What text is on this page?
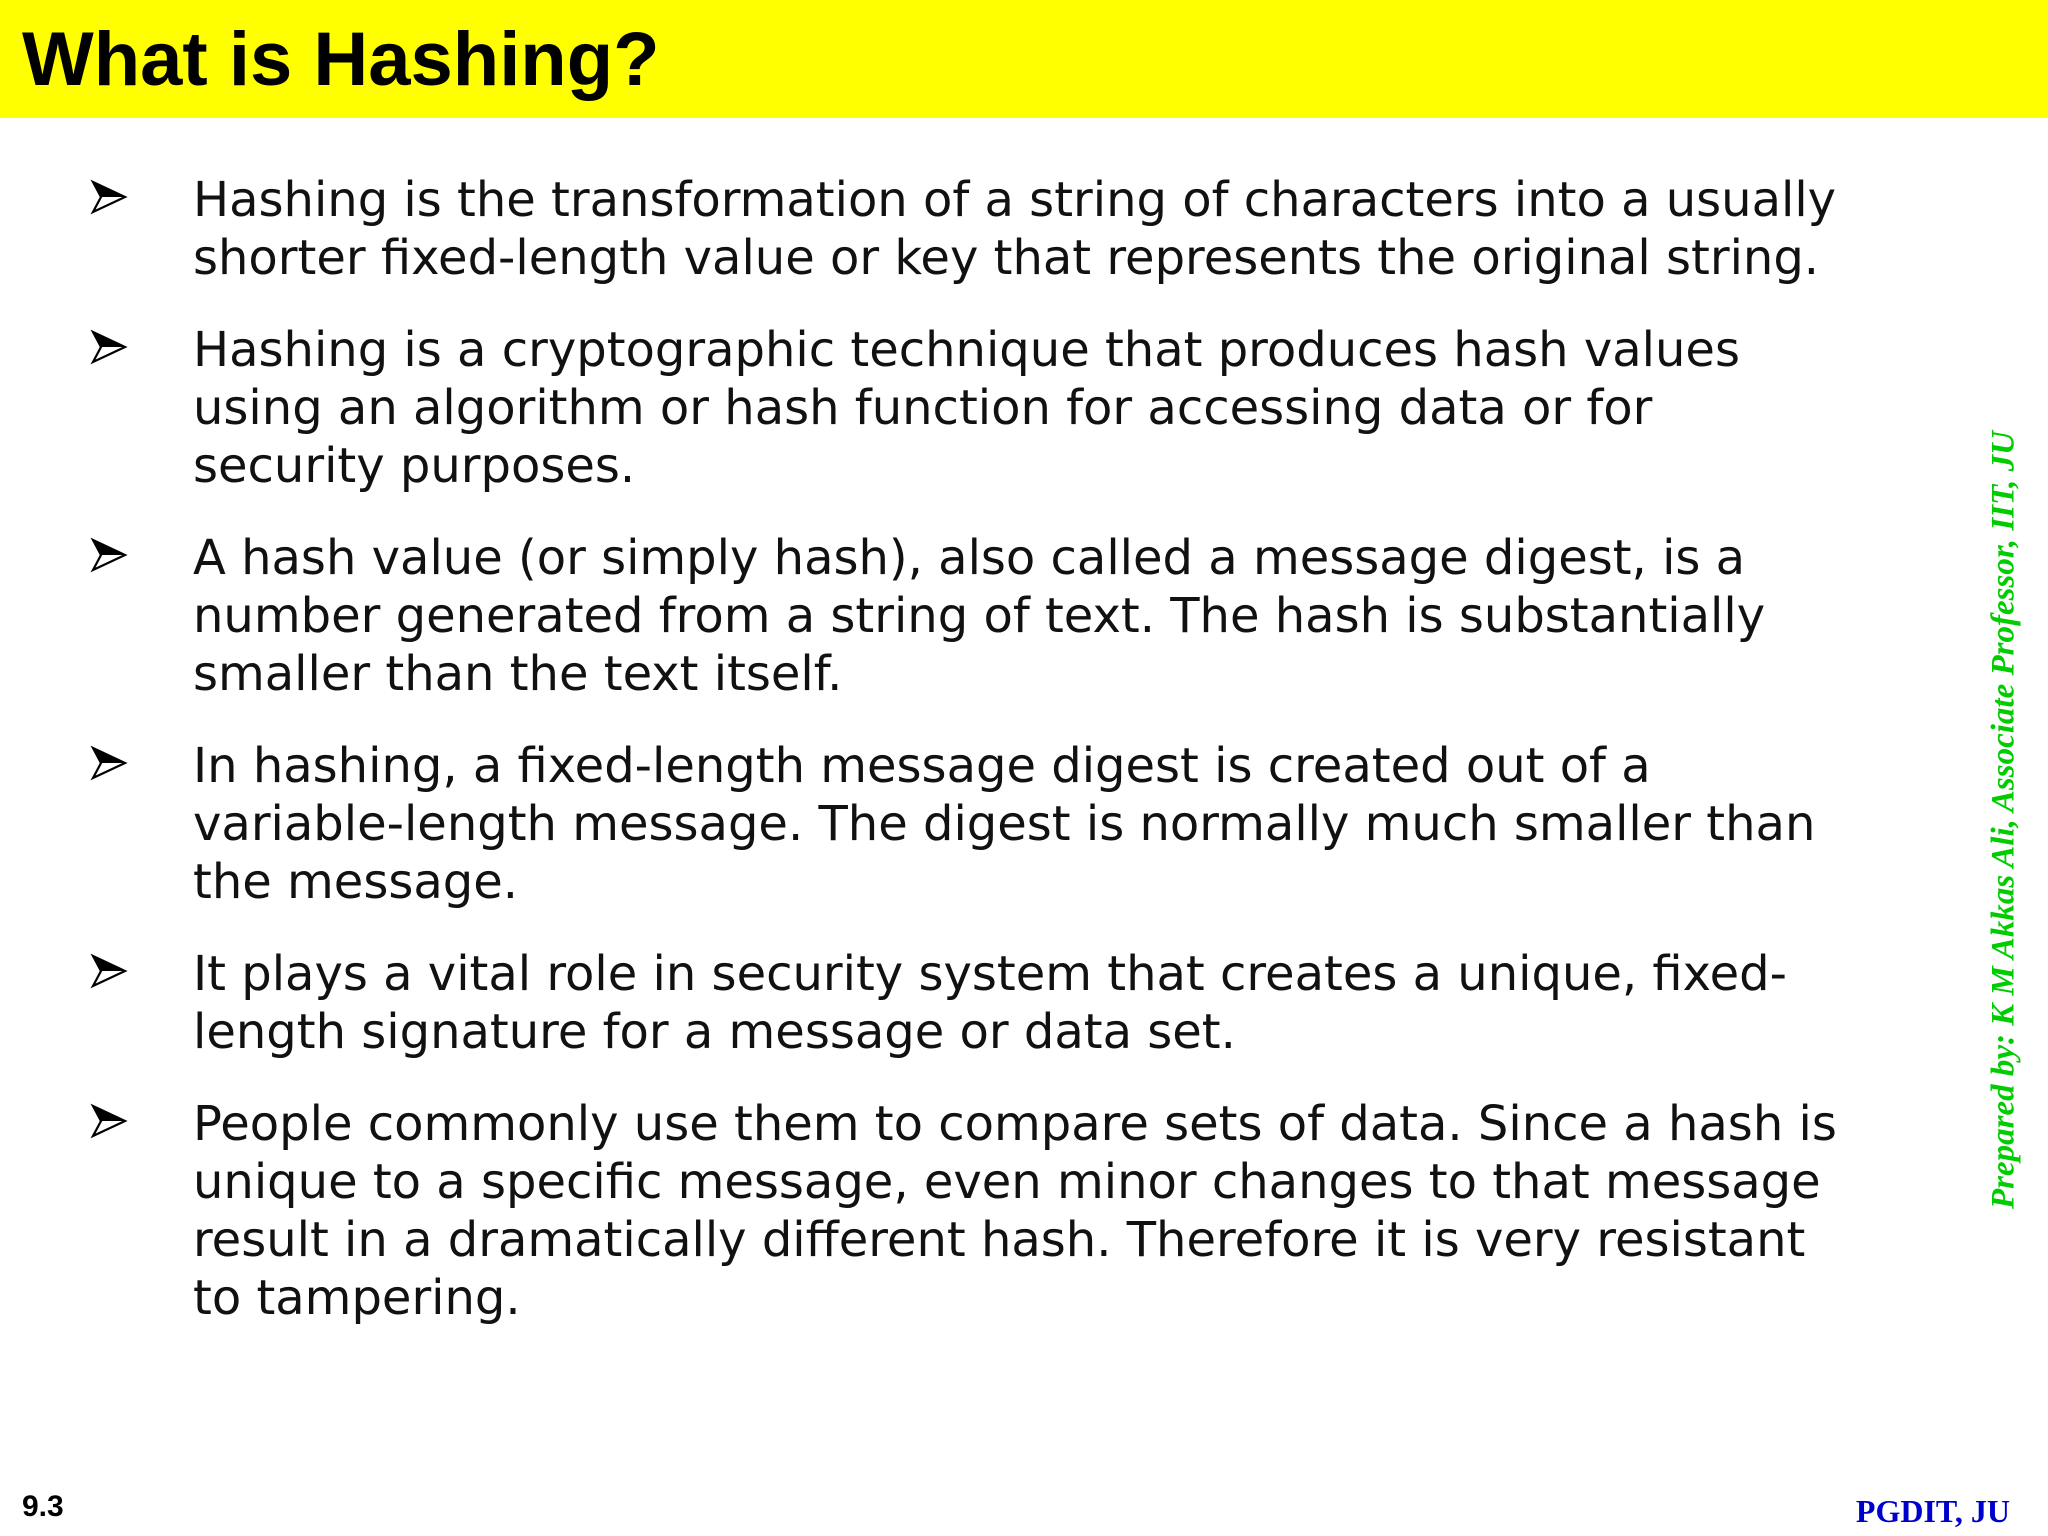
What is Hashing?
Hashing is the transformation of a string of characters into a usually shorter fixed-length value or key that represents the original string.
Hashing is a cryptographic technique that produces hash values using an algorithm or hash function for accessing data or for security purposes.
A hash value (or simply hash), also called a message digest, is a number generated from a string of text. The hash is substantially smaller than the text itself.
In hashing, a fixed-length message digest is created out of a variable-length message. The digest is normally much smaller than the message.
It plays a vital role in security system that creates a unique, fixed-length signature for a message or data set.
People commonly use them to compare sets of data. Since a hash is unique to a specific message, even minor changes to that message result in a dramatically different hash. Therefore it is very resistant to tampering.
Prepared by: K M Akkas Ali, Associate Professor, IIT, JU
9.3	PGDIT, JU
